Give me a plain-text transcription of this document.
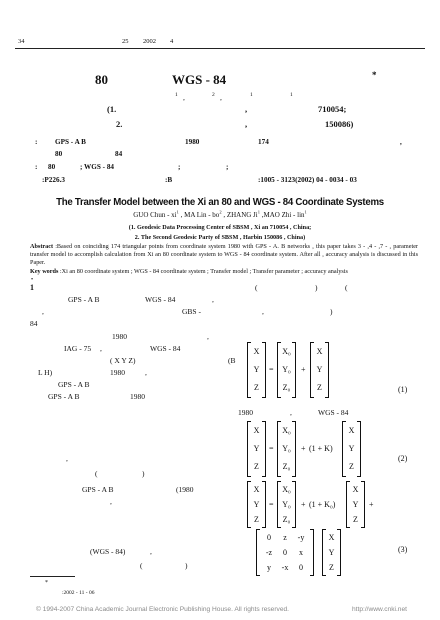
34	25 2002 4
80	WGS - 84	*
1 ,	2 ,	1	1
(1.	,	710054;
2.	,	150086)
: GPS - A B	1980	174	,
80	84
: 80	; WGS - 84	;	;
:P226.3	:B	:1005 - 3123(2002) 04 - 0034 - 03
The Transfer Model between the Xi an 80 and WGS - 84 Coordinate Systems
GUO Chun - $xi^1$ , MA Lin - $bo^2$ , ZHANG Ji$^1$ ,MAO Zhi - lin$^1$
(1. Geodesic Data Processing Center of SBSM , Xi an 710054 , China;
2. The Second Geodesic Party of SBSM , Harbin 150086 , China)
Abstract :Based on coinciding 174 triangular points from coordinate system 1980 with GPS - A. B networks , this paper takes 3 - ,4 - ,7 - , parameter transfer model to accomplish calculation from Xi an 80 coordinate system to WGS - 84 coordinate system. After all , accuracy analysis is discussed in this Paper.
Key words :Xi an 80 coordinate system ; WGS - 84 coordinate system ; Transfer model ; Transfer parameter ; accuracy analysis
•
1	(	)	(
GPS - A B	WGS - 84	,
,	GBS -	,	)
84
1980	,
IAG - 75 ,	WGS - 84
( X Y Z)	(B
L H)	1980	,
GPS - A B
GPS - A B	1980
,
(	)
GPS - A B	(1980
,
(WGS - 84)	,
(	)
X
Y
Z
=
X₀
Y₀
Z₀
+
X
Y
Z	(1)
1980	,	WGS - 84
X
Y
Z
=
X₀
Y₀
Z₀
+ (1 + K)
X
Y
Z
(2)
X
Y
Z
=
X₀
Y₀
Z₀
+ (1 + K₀)
X
Y
Z
+
0	z	-y
-z	0	x
y	-x	0
X
Y
Z
(3)
*
:2002 - 11 - 06
© 1994-2007 China Academic Journal Electronic Publishing House. All rights reserved.	http://www.cnki.net
